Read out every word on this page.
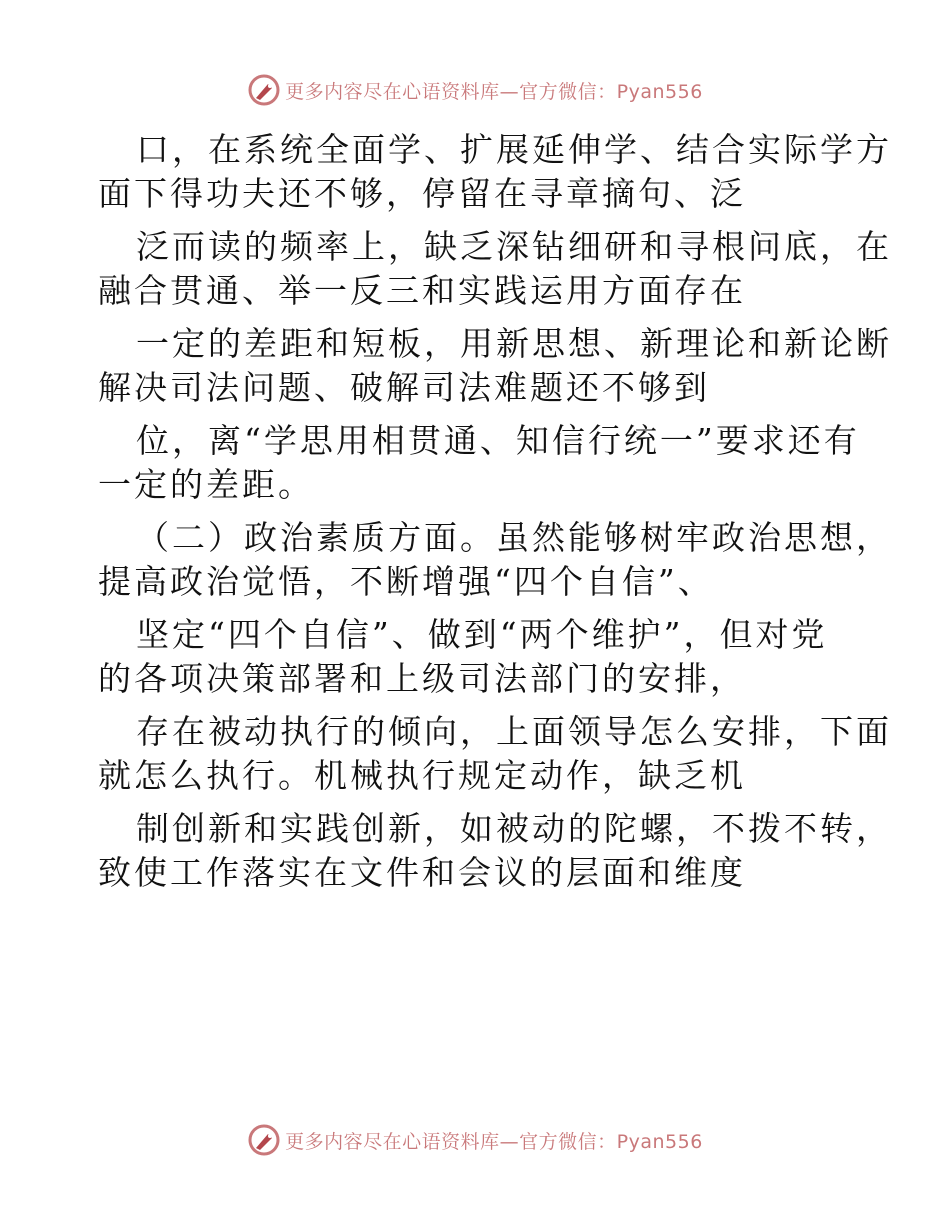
更多内容尽在心语资料库—官方微信：Pyan556
口，在系统全面学、扩展延伸学、结合实际学方
面下得功夫还不够，停留在寻章摘句、泛
泛而读的频率上，缺乏深钻细研和寻根问底，在
融合贯通、举一反三和实践运用方面存在
一定的差距和短板，用新思想、新理论和新论断
解决司法问题、破解司法难题还不够到
位，离“学思用相贯通、知信行统一”要求还有
一定的差距。
（二）政治素质方面。虽然能够树牢政治思想，
提高政治觉悟，不断增强“四个自信”、
坚定“四个自信”、做到“两个维护”，但对党
的各项决策部署和上级司法部门的安排，
存在被动执行的倾向，上面领导怎么安排，下面
就怎么执行。机械执行规定动作，缺乏机
制创新和实践创新，如被动的陀螺，不拨不转，
致使工作落实在文件和会议的层面和维度
更多内容尽在心语资料库—官方微信：Pyan556
